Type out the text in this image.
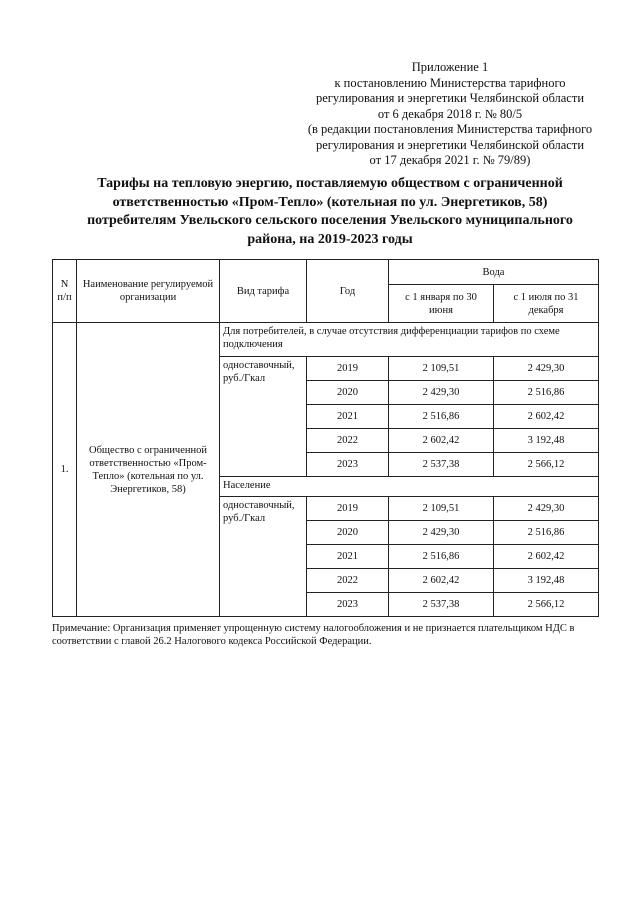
Приложение 1
к постановлению Министерства тарифного
регулирования и энергетики Челябинской области
от 6 декабря 2018 г. № 80/5
(в редакции постановления Министерства тарифного
регулирования и энергетики Челябинской области
от 17 декабря 2021 г. № 79/89)
Тарифы на тепловую энергию, поставляемую обществом с ограниченной
ответственностью «Пром-Тепло» (котельная по ул. Энергетиков, 58)
потребителям Увельского сельского поселения Увельского муниципального
района, на 2019-2023 годы
N п/п	Наименование регулируемой организации	Вид тарифа	Год	Вода	
				с 1 января по 30 июня	с 1 июля по 31 декабря
1.	Общество с ограниченной ответственностью «Пром-Тепло» (котельная по ул. Энергетиков, 58)	Для потребителей, в случае отсутствия дифференциации тарифов по схеме подключения			
		одноставочный, руб./Гкал	2019	2 109,51	2 429,30
			2020	2 429,30	2 516,86
			2021	2 516,86	2 602,42
			2022	2 602,42	3 192,48
			2023	2 537,38	2 566,12
		Население			
		одноставочный, руб./Гкал	2019	2 109,51	2 429,30
			2020	2 429,30	2 516,86
			2021	2 516,86	2 602,42
			2022	2 602,42	3 192,48
			2023	2 537,38	2 566,12
Примечание: Организация применяет упрощенную систему налогообложения и не признается плательщиком НДС в соответствии с главой 26.2 Налогового кодекса Российской Федерации.
